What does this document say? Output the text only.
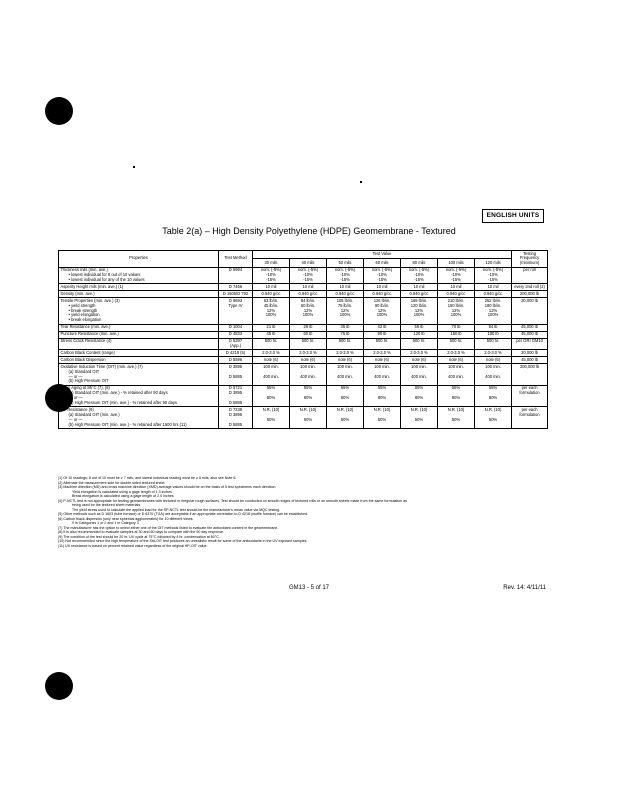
ENGLISH UNITS
Table 2(a) – High Density Polyethylene (HDPE) Geomembrane - Textured
Properties	Test Method	Test Value							Testing Frequency (minimum)
		30 mils	40 mils	50 mils	60 mils	80 mils	100 mils	120 mils	
Thickness mils (min. ave.)
• lowest individual for 8 out of 10 values
• lowest individual for any of the 10 values	D 5994	nom. (-5%)
-10%
-15%	nom. (-5%)
-10%
-15%	nom. (-5%)
-10%
-15%	nom. (-5%)
-10%
-15%	nom. (-5%)
-10%
-15%	nom. (-5%)
-10%
-15%	nom. (-5%)
-10%
-15%	per roll
Asperity Height mils (min. ave.) (1)	D 7466	10 mil	10 mil	10 mil	10 mil	10 mil	10 mil	10 mil	every 2nd roll (2)
Density (min. ave.)	D 1505/D 792	0.940 g/cc	0.940 g/cc	0.940 g/cc	0.940 g/cc	0.940 g/cc	0.940 g/cc	0.940 g/cc	200,000 lb
Tensile Properties (min. ave.) (3)
• yield strength
• break strength
• yield elongation
• break elongation	D 6693
Type IV	63 lb/in.
45 lb/in.
12%
100%	84 lb/in.
60 lb/in.
12%
100%	105 lb/in.
75 lb/in.
12%
100%	126 lb/in.
90 lb/in.
12%
100%	168 lb/in.
120 lb/in.
12%
100%	210 lb/in.
150 lb/in.
12%
100%	252 lb/in.
180 lb/in.
12%
100%	20,000 lb
Tear Resistance (min. ave.)	D 1004	21 lb	28 lb	35 lb	42 lb	56 lb	70 lb	84 lb	45,000 lb
Puncture Resistance (min. ave.)	D 4833	45 lb	60 lb	75 lb	90 lb	120 lb	150 lb	180 lb	45,000 lb
Stress Crack Resistance (4)	D 5397
(App.)	500 hr.	500 hr.	500 hr.	500 hr.	500 hr.	500 hr.	500 hr.	per GRI GM10
Carbon Black Content (range)	D 4218 (5)	2.0-3.0 %	2.0-3.0 %	2.0-3.0 %	2.0-3.0 %	2.0-3.0 %	2.0-3.0 %	2.0-3.0 %	20,000 lb
Carbon Black Dispersion	D 5596	note (6)	note (6)	note (6)	note (6)	note (6)	note (6)	note (6)	45,000 lb
Oxidative Induction Time (OIT) (min. ave.) (7)
(a) Standard OIT
— or —
(b) High Pressure OIT	D 3895

D 5885	100 min.

400 min.	100 min.

400 min.	100 min.

400 min.	100 min.

400 min.	100 min.

400 min.	100 min.

400 min.	100 min.

400 min.	200,000 lb
Oven Aging at 85°C (7), (8)
(a) Standard OIT (min. ave.) - % retained after 90 days
— or —
(b) High Pressure OIT (min. ave.) - % retained after 90 days	D 5721
D 3895

D 5885	55%

80%	55%

80%	55%

80%	55%

80%	55%

80%	55%

80%	55%

80%	per each formulation
UV Resistance (9)
(a) Standard OIT (min. ave.)
— or —
(b) High Pressure OIT (min. ave.) - % retained after 1600 hrs (11)	D 7238
D 3895

D 5885	N.R. (10)

50%	N.R. (10)

50%	N.R. (10)

50%	N.R. (10)

50%	N.R. (10)

50%	N.R. (10)

50%	N.R. (10)

50%	per each formulation
(1) Of 10 readings; 8 out of 10 must be ≥ 7 mils, and lowest individual reading must be ≥ 5 mils; also see Note 6.
(2) Alternate the measurement side for double sided textured sheet
(3) Machine direction (MD) and cross machine direction (XMD) average values should be on the basis of 5 test specimens each direction.
Yield elongation is calculated using a gage length of 1.3 inches
Break elongation is calculated using a gage length of 2.0 inches
(4) P-NCTL test is not appropriate for testing geomembranes with textured or irregular rough surfaces. Test should be conducted on smooth edges of textured rolls or on smooth sheets made from the same formulation as
being used for the textured sheet materials.
The yield stress used to calculate the applied load for the SP-NCTL test should be the manufacturer's mean value via MQC testing.
(5) Other methods such as D 1603 (tube furnace) or D 6370 (TGA) are acceptable if an appropriate correlation to D 4218 (muffle furnace) can be established.
(6) Carbon black dispersion (only near spherical agglomerates) for 10 different views:
9 in Categories 1 or 2 and 1 in Category 3
(7) The manufacturer has the option to select either one of the OIT methods listed to evaluate the antioxidant content in the geomembrane.
(8) It is also recommended to evaluate samples at 30 and 60 days to compare with the 90 day response.
(9) The condition of the test should be 20 hr. UV cycle at 75°C followed by 4 hr. condensation at 60°C.
(10) Not recommended since the high temperature of the Std-OIT test produces an unrealistic result for some of the antioxidants in the UV exposed samples.
(11) UV resistance is based on percent retained value regardless of the original HP-OIT value.
GM13 - 5 of 17	Rev. 14: 4/11/11
